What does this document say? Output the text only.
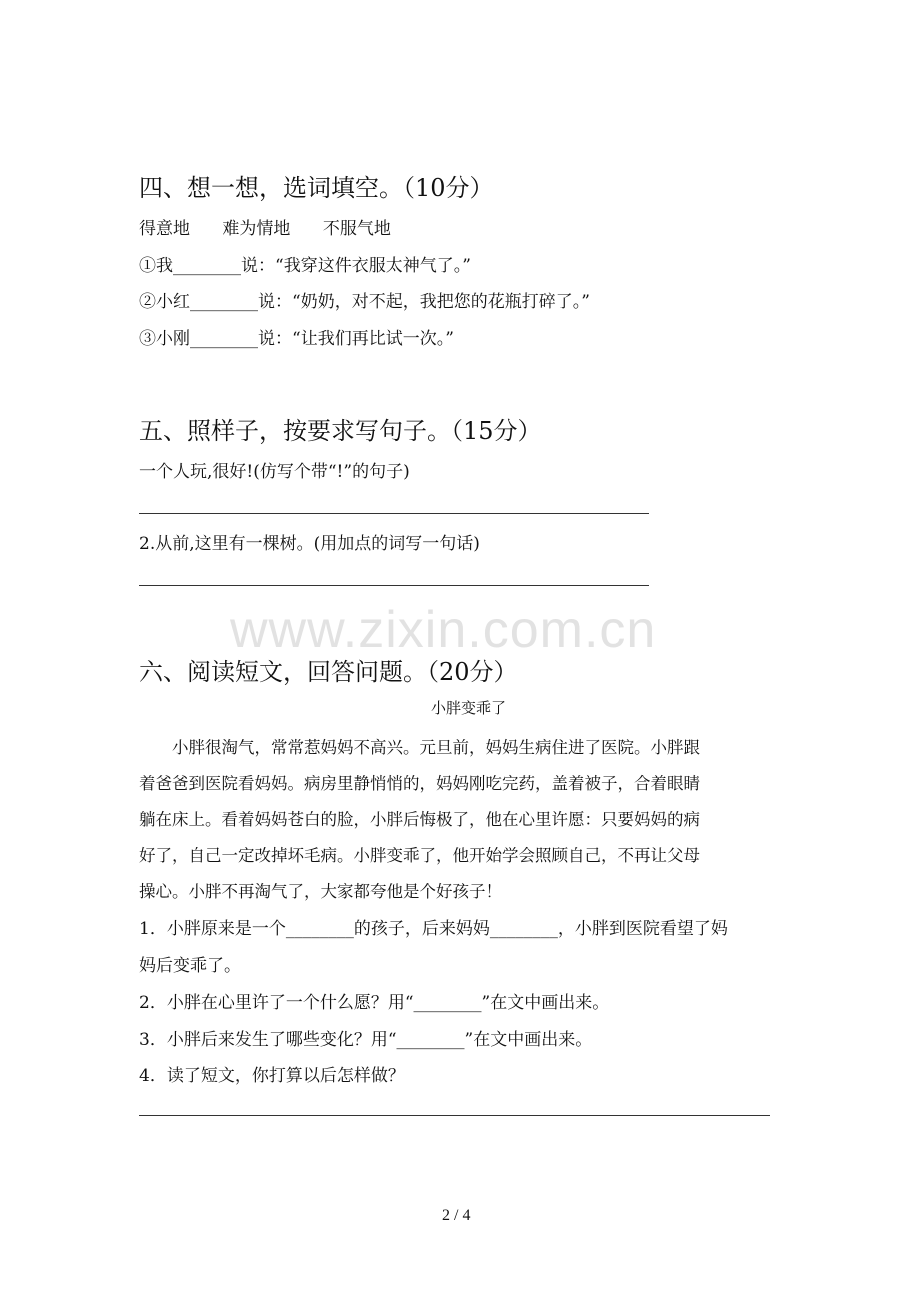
四、想一想，选词填空。（10分）
得意地      难为情地      不服气地
①我________说：“我穿这件衣服太神气了。”
②小红________说：“奶奶，对不起，我把您的花瓶打碎了。”
③小刚________说：“让我们再比试一次。”
五、照样子，按要求写句子。（15分）
一个人玩,很好!(仿写个带“!”的句子)
2.从前,这里有一棵树。(用加点的词写一句话)
www.zixin.com.cn
六、阅读短文，回答问题。（20分）
小胖变乖了
小胖很淘气，常常惹妈妈不高兴。元旦前，妈妈生病住进了医院。小胖跟
着爸爸到医院看妈妈。病房里静悄悄的，妈妈刚吃完药，盖着被子，合着眼睛
躺在床上。看着妈妈苍白的脸，小胖后悔极了，他在心里许愿：只要妈妈的病
好了，自己一定改掉坏毛病。小胖变乖了，他开始学会照顾自己，不再让父母
操心。小胖不再淘气了，大家都夸他是个好孩子！
1．小胖原来是一个________的孩子，后来妈妈________，小胖到医院看望了妈
妈后变乖了。
2．小胖在心里许了一个什么愿？用“________”在文中画出来。
3．小胖后来发生了哪些变化？用“________”在文中画出来。
4．读了短文，你打算以后怎样做？
2 / 4
